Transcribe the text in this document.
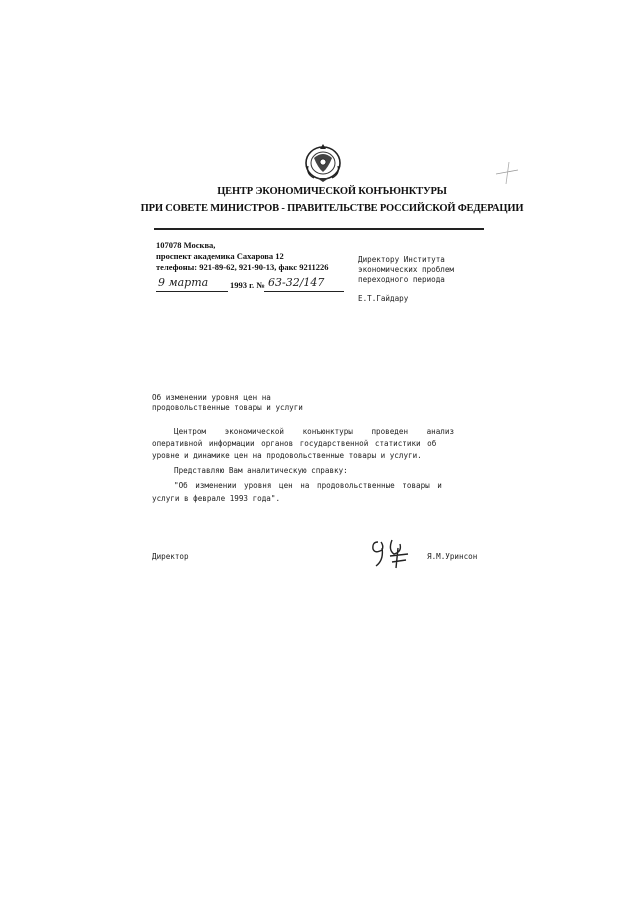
ЦЕНТР ЭКОНОМИЧЕСКОЙ КОНЪЮНКТУРЫ
ПРИ СОВЕТЕ МИНИСТРОВ - ПРАВИТЕЛЬСТВЕ РОССИЙСКОЙ ФЕДЕРАЦИИ
107078 Москва,
проспект академика Сахарова 12
телефоны: 921-89-62, 921-90-13, факс 9211226
9 марта	1993 г. № 63-32/147
Директору Института
экономических проблем
переходного периода
Е.Т.Гайдару
Об изменении уровня цен на
продовольственные товары и услуги
Центром экономической конъюнктуры проведен анализ
оперативной информации органов государственной статистики об
уровне и динамике цен на продовольственные товары и услуги.
Представляю Вам аналитическую справку:
"Об изменении уровня цен на продовольственные товары и
услуги в феврале 1993 года".
Директор	Я.М.Уринсон
